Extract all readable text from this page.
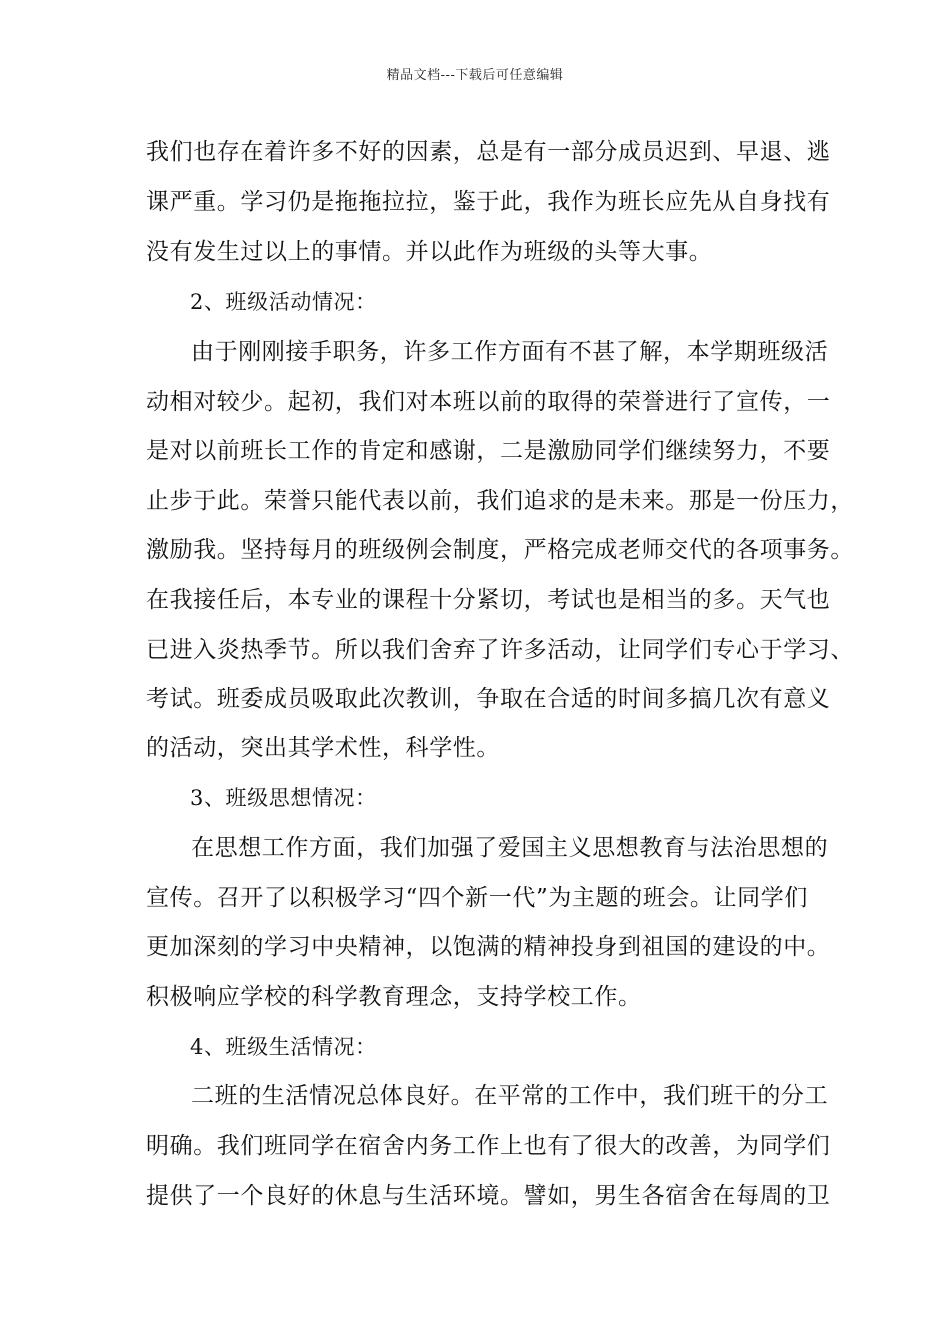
精品文档---下载后可任意编辑
我们也存在着许多不好的因素，总是有一部分成员迟到、早退、逃
课严重。学习仍是拖拖拉拉，鉴于此，我作为班长应先从自身找有
没有发生过以上的事情。并以此作为班级的头等大事。
2、班级活动情况：
由于刚刚接手职务，许多工作方面有不甚了解，本学期班级活
动相对较少。起初，我们对本班以前的取得的荣誉进行了宣传，一
是对以前班长工作的肯定和感谢，二是激励同学们继续努力，不要
止步于此。荣誉只能代表以前，我们追求的是未来。那是一份压力，
激励我。坚持每月的班级例会制度，严格完成老师交代的各项事务。
在我接任后，本专业的课程十分紧切，考试也是相当的多。天气也
已进入炎热季节。所以我们舍弃了许多活动，让同学们专心于学习、
考试。班委成员吸取此次教训，争取在合适的时间多搞几次有意义
的活动，突出其学术性，科学性。
3、班级思想情况：
在思想工作方面，我们加强了爱国主义思想教育与法治思想的
宣传。召开了以积极学习“四个新一代”为主题的班会。让同学们
更加深刻的学习中央精神，以饱满的精神投身到祖国的建设的中。
积极响应学校的科学教育理念，支持学校工作。
4、班级生活情况：
二班的生活情况总体良好。在平常的工作中，我们班干的分工
明确。我们班同学在宿舍内务工作上也有了很大的改善，为同学们
提供了一个良好的休息与生活环境。譬如，男生各宿舍在每周的卫
